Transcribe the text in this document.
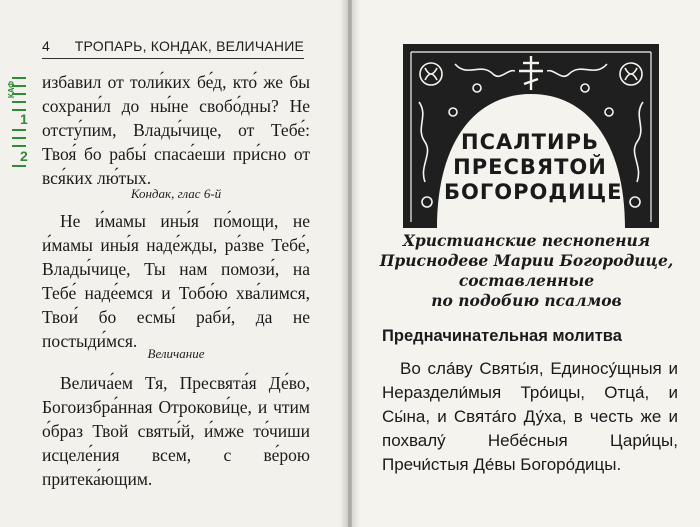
4 ТРОПАРЬ, КОНДАК, ВЕЛИЧАНИЕ
КАФ
1
2
избавил от толи́ких бе́д, кто́ же бы сохрани́л до ны́не свобо́дны? Не отсту́пим, Влады́чице, от Тебе́: Твоя́ бо рабы́ спаса́еши при́сно от вся́ких лю́тых.
Кондак, глас 6-й
Не и́мамы ины́я по́мощи, не и́мамы ины́я наде́жды, ра́зве Тебе́, Влады́чице, Ты нам помози́, на Тебе́ наде́емся и Тобо́ю хва́лимся, Твои́ бо есмы́ раби́, да не постыди́мся.
Величание
Велича́ем Тя, Пресвята́я Де́во, Богоизбра́нная Отрокови́це, и чтим о́браз Твой святы́й, и́мже то́чиши исцеле́ния всем, с ве́рою притека́ющим.
ПСАЛТИРЬ
ПРЕСВЯТОЙ
БОГОРОДИЦЕ
Христианские песнопения
Приснодеве Марии Богородице,
составленные
по подобию псалмов
Предначинательная молитва
Во сла́ву Святы́я, Единосу́щныя и Нераздели́мыя Тро́ицы, Отца́, и Сы́на, и Свята́го Ду́ха, в честь же и похвалу́ Небе́сныя Цари́цы, Пречи́стыя Де́вы Богоро́дицы.
